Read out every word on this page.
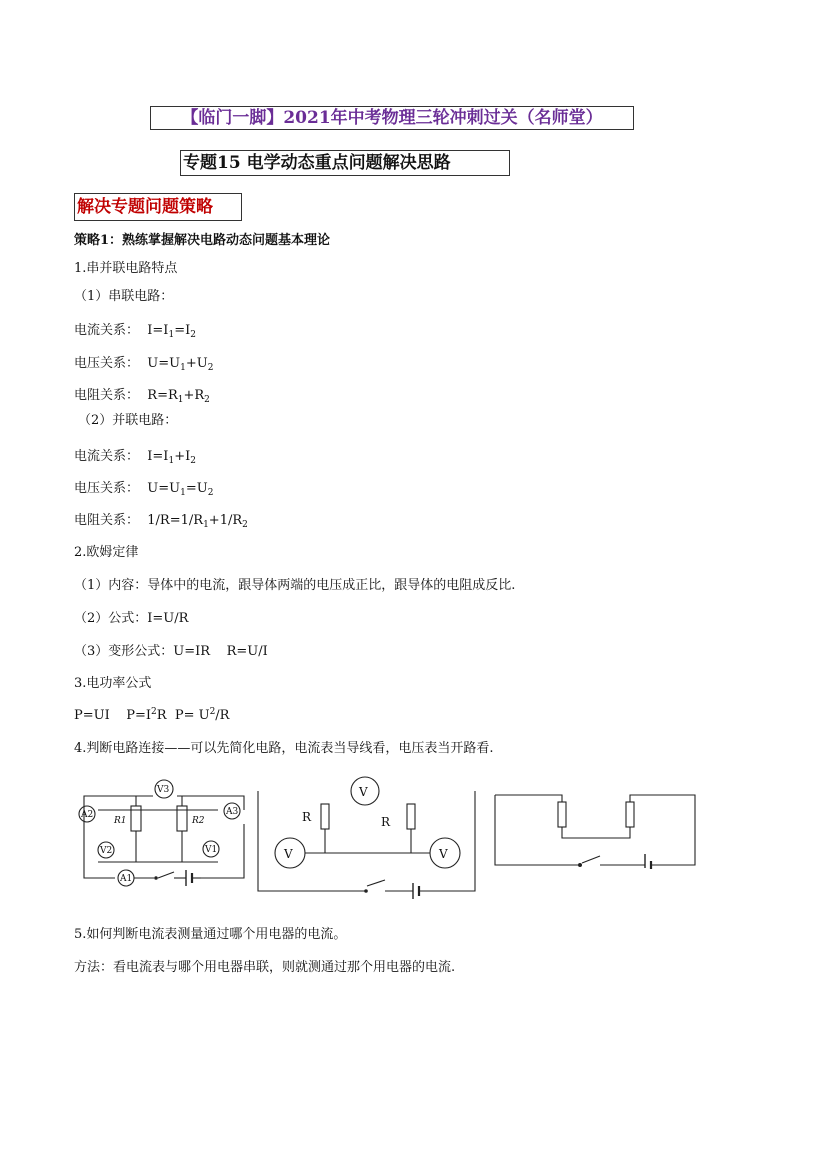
【临门一脚】2021年中考物理三轮冲刺过关（名师堂）
专题15 电学动态重点问题解决思路
解决专题问题策略
策略1：熟练掌握解决电路动态问题基本理论
1.串并联电路特点
（1）串联电路：
电流关系： $I=I_1=I_2$
电压关系： $U=U_1+U_2$
电阻关系： $R=R_1+R_2$
（2）并联电路：
电流关系： $I=I_1+I_2$
电压关系： $U=U_1=U_2$
电阻关系： $1/R=1/R_1+1/R_2$
2.欧姆定律
（1）内容：导体中的电流，跟导体两端的电压成正比，跟导体的电阻成反比.
（2）公式：I=U/R
（3）变形公式：U=IR R=U/I
3.电功率公式
P=UI    $P=I^2R$  $P= U^2/R$
4.判断电路连接——可以先简化电路，电流表当导线看，电压表当开路看.
A2	A3
V3
V2	V1
A1
R1	R2
V	V
V
R	R
5.如何判断电流表测量通过哪个用电器的电流。
方法：看电流表与哪个用电器串联，则就测通过那个用电器的电流.
